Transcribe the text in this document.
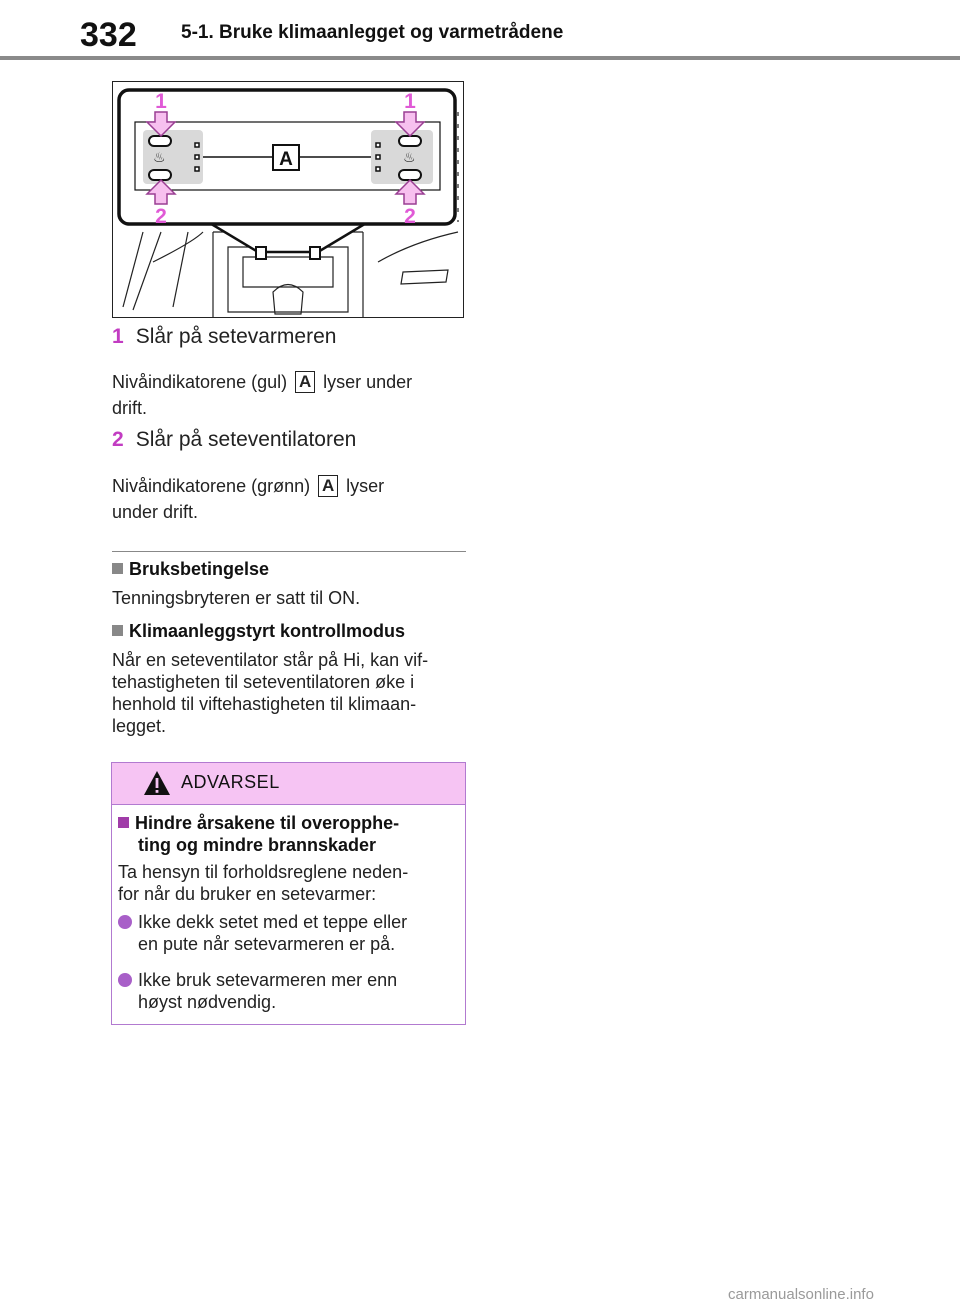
332 5-1. Bruke klimaanlegget og varmetrådene
♨	♨
A
1	1
2	2
1 Slår på setevarmeren
Nivåindikatorene (gul) A lyser under
drift.
2 Slår på seteventilatoren
Nivåindikatorene (grønn) A lyser
under drift.
Bruksbetingelse
Tenningsbryteren er satt til ON.
Klimaanleggstyrt kontrollmodus
Når en seteventilator står på Hi, kan vif-
tehastigheten til seteventilatoren øke i
henhold til viftehastigheten til klimaan-
legget.
ADVARSEL
Hindre årsakene til overopphe-
ting og mindre brannskader
Ta hensyn til forholdsreglene neden-
for når du bruker en setevarmer:
Ikke dekk setet med et teppe eller
en pute når setevarmeren er på.
Ikke bruk setevarmeren mer enn
høyst nødvendig.
carmanualsonline.info
